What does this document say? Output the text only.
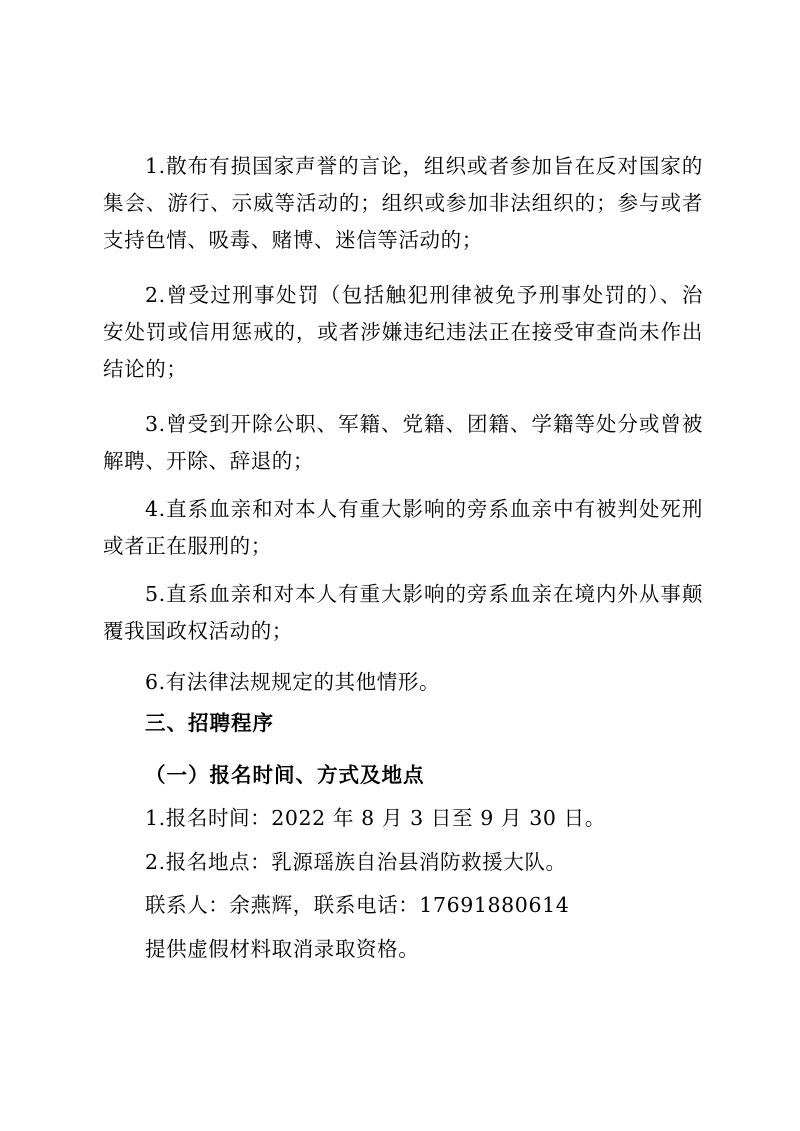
1.散布有损国家声誉的言论，组织或者参加旨在反对国家的集会、游行、示威等活动的；组织或参加非法组织的；参与或者支持色情、吸毒、赌博、迷信等活动的；

2.曾受过刑事处罚（包括触犯刑律被免予刑事处罚的）、治安处罚或信用惩戒的，或者涉嫌违纪违法正在接受审查尚未作出结论的；

3.曾受到开除公职、军籍、党籍、团籍、学籍等处分或曾被解聘、开除、辞退的；

4.直系血亲和对本人有重大影响的旁系血亲中有被判处死刑或者正在服刑的；

5.直系血亲和对本人有重大影响的旁系血亲在境内外从事颠覆我国政权活动的；

6.有法律法规规定的其他情形。

三、招聘程序
（一）报名时间、方式及地点

1.报名时间：2022 年 8 月 3 日至 9 月 30 日。

2.报名地点：乳源瑶族自治县消防救援大队。

联系人：余燕辉，联系电话：17691880614

提供虚假材料取消录取资格。
